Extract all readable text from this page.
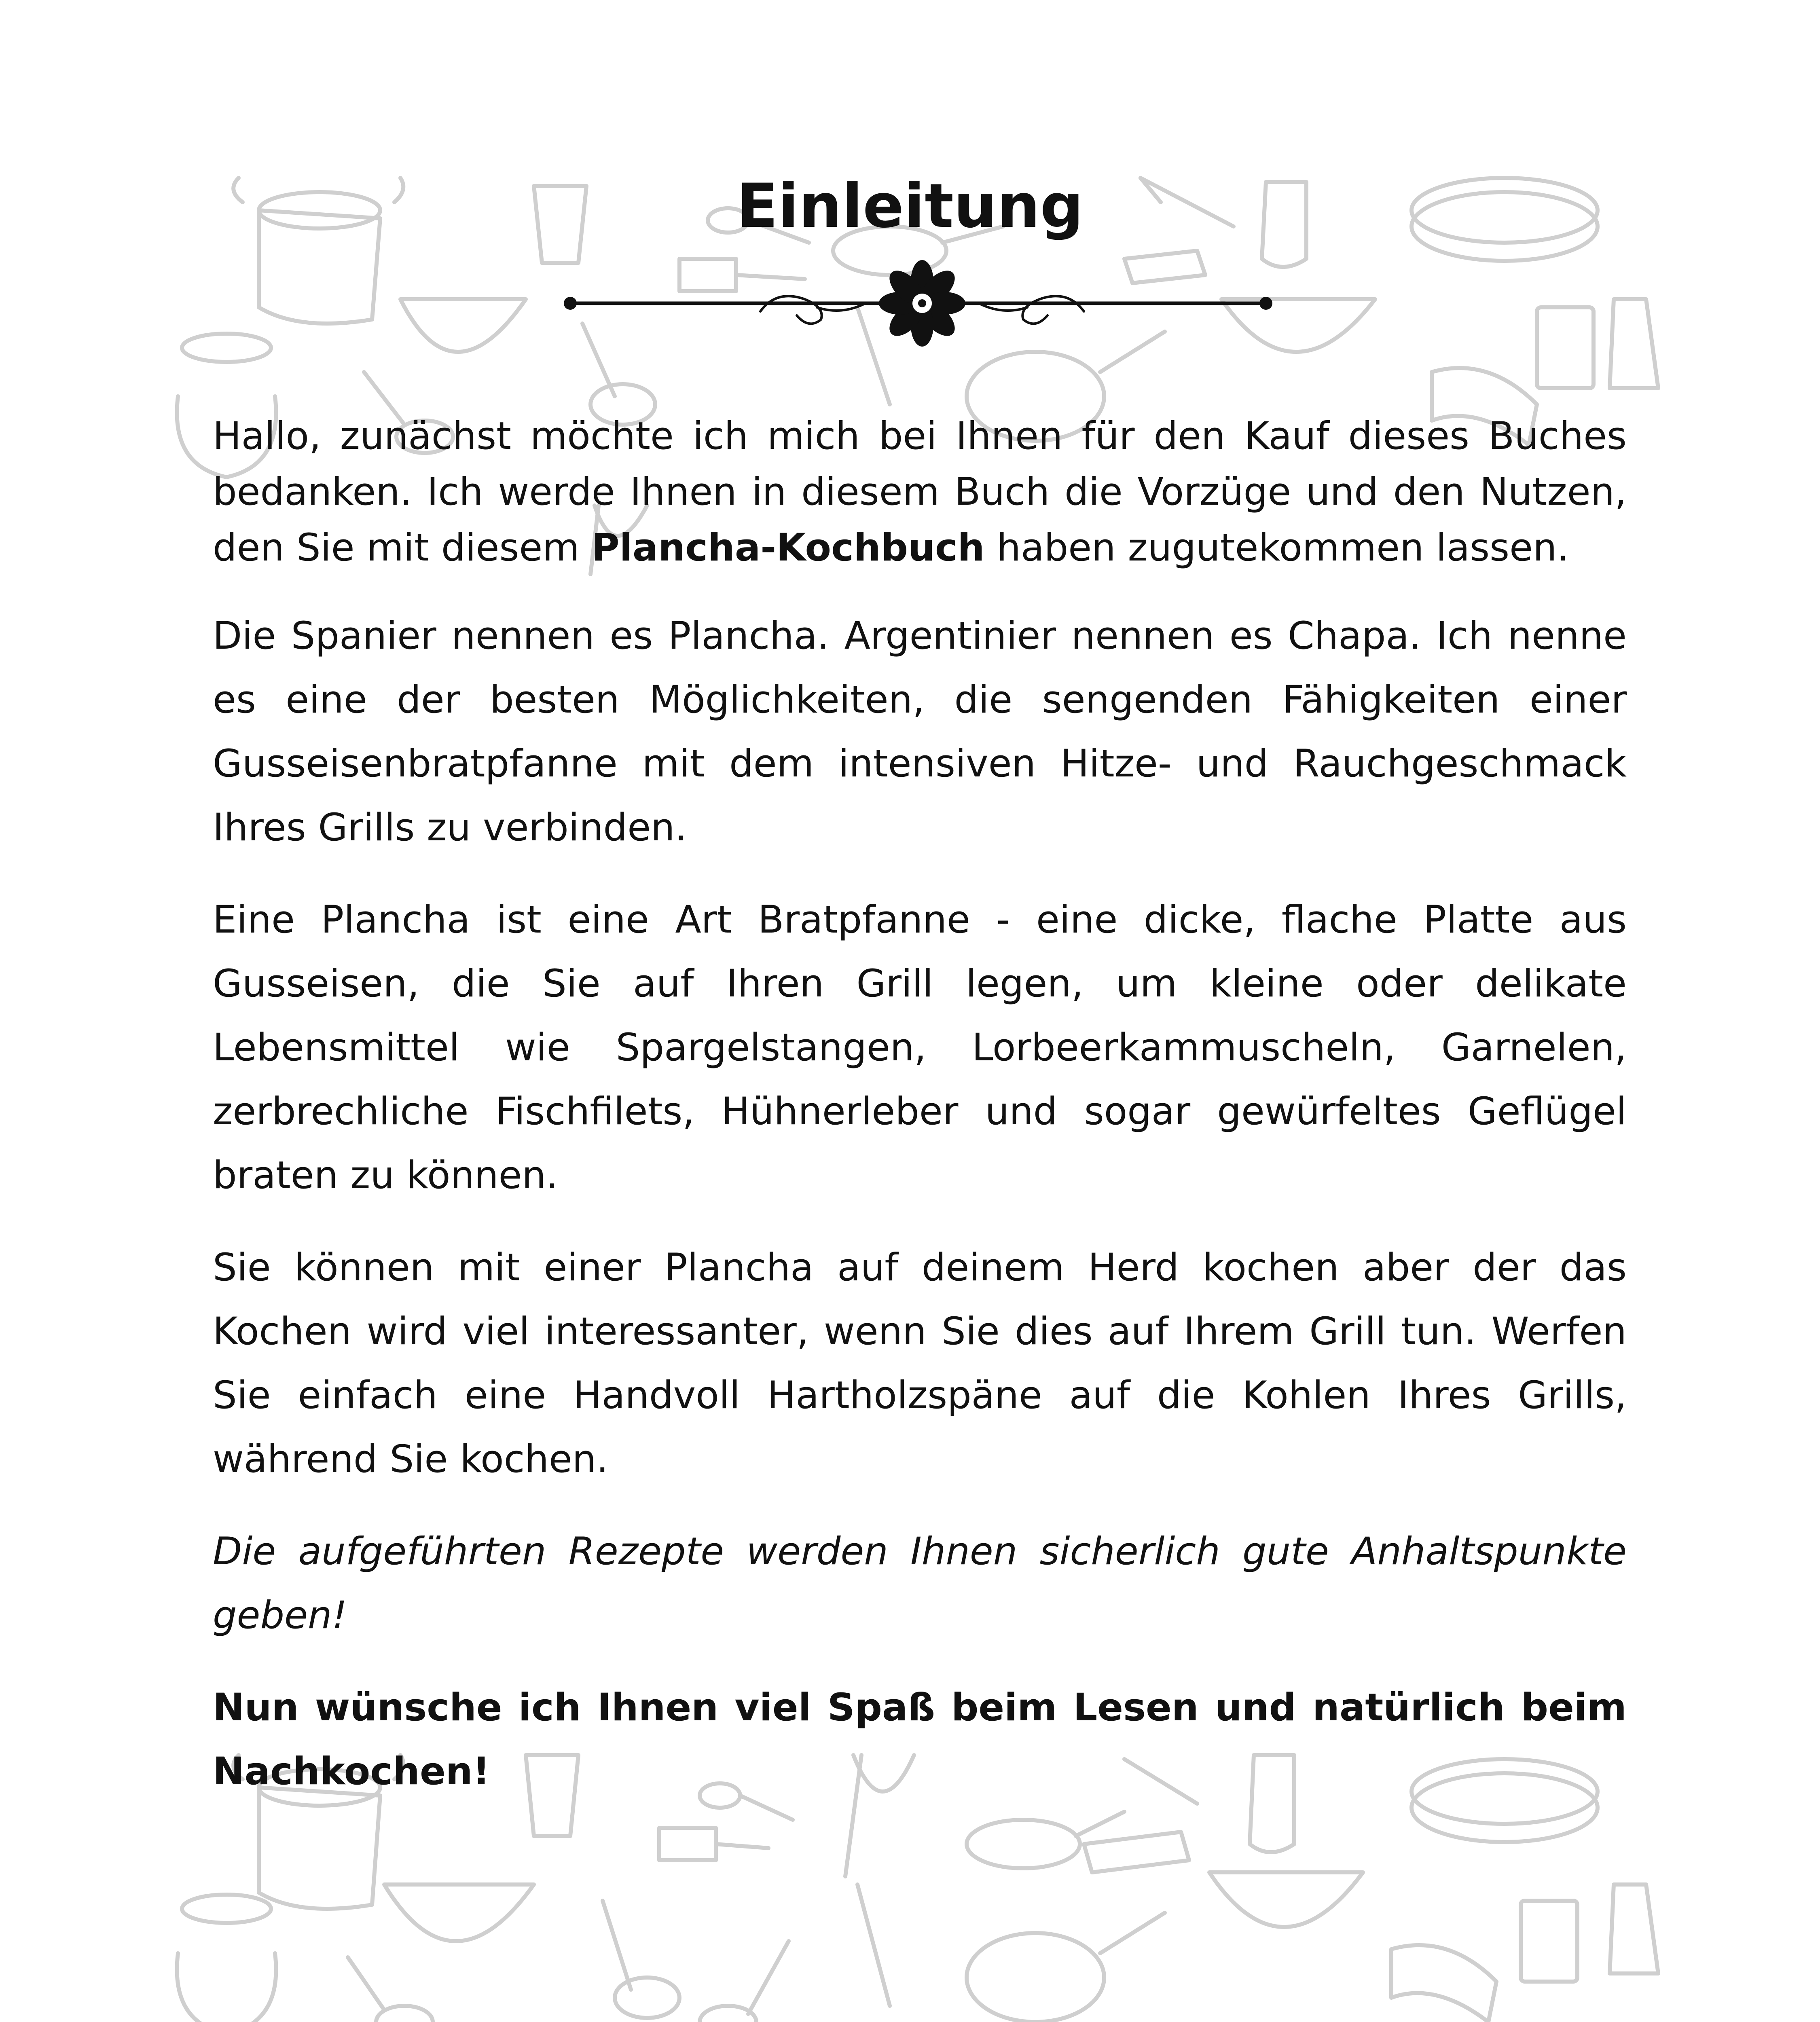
Einleitung

Hallo, zunächst möchte ich mich bei Ihnen für den Kauf dieses Buches bedanken. Ich werde Ihnen in diesem Buch die Vorzüge und den Nutzen, den Sie mit diesem Plancha-Kochbuch haben zugutekommen lassen.

Die Spanier nennen es Plancha. Argentinier nennen es Chapa. Ich nenne es eine der besten Möglichkeiten, die sengenden Fähigkeiten einer Gusseisenbratpfanne mit dem intensiven Hitze- und Rauchgeschmack Ihres Grills zu verbinden.

Eine Plancha ist eine Art Bratpfanne - eine dicke, flache Platte aus Gusseisen, die Sie auf Ihren Grill legen, um kleine oder delikate Lebensmittel wie Spargelstangen, Lorbeerkammuscheln, Garnelen, zerbrechliche Fischfilets, Hühnerleber und sogar gewürfeltes Geflügel braten zu können.

Sie können mit einer Plancha auf deinem Herd kochen aber der das Kochen wird viel interessanter, wenn Sie dies auf Ihrem Grill tun. Werfen Sie einfach eine Handvoll Hartholzspäne auf die Kohlen Ihres Grills, während Sie kochen.

Die aufgeführten Rezepte werden Ihnen sicherlich gute Anhaltspunkte geben!

Nun wünsche ich Ihnen viel Spaß beim Lesen und natürlich beim Nachkochen!
